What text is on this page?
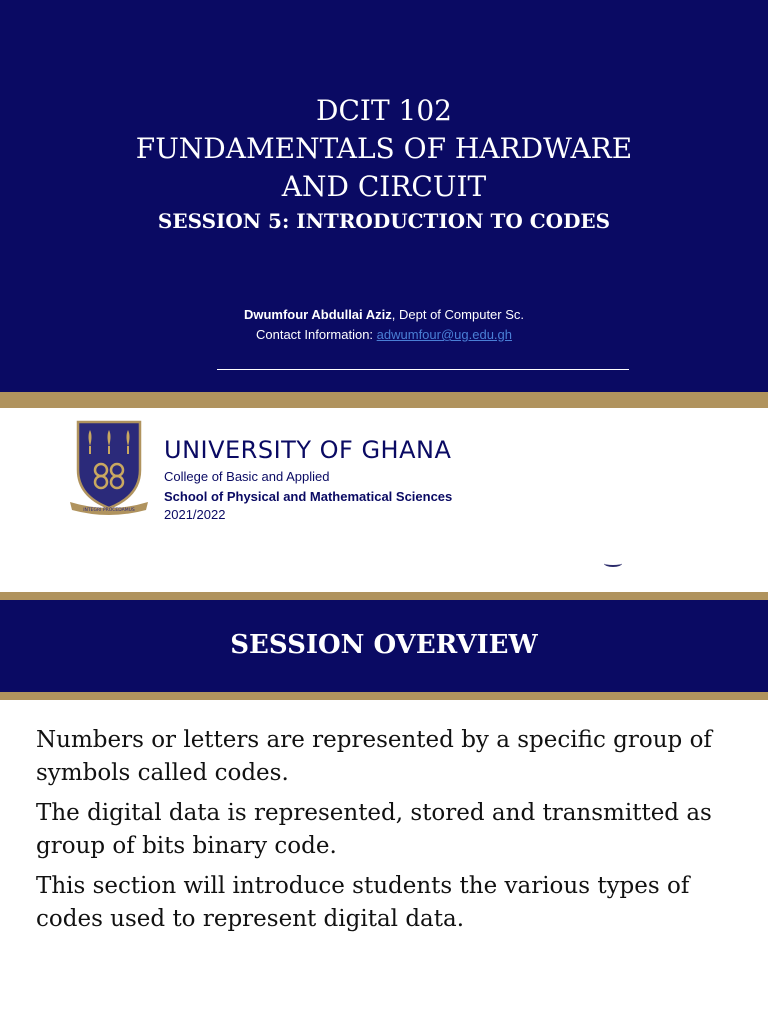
DCIT 102
FUNDAMENTALS OF HARDWARE
AND CIRCUIT
SESSION 5: INTRODUCTION TO CODES
Dwumfour Abdullai Aziz, Dept of Computer Sc.
Contact Information: adwumfour@ug.edu.gh
INTEGRI PROCEDAMUS
UNIVERSITY OF GHANA
College of Basic and Applied
School of Physical and Mathematical Sciences
2021/2022
SESSION OVERVIEW

Numbers or letters are represented by a specific group of symbols called codes.

The digital data is represented, stored and transmitted as group of bits binary code.

This section will introduce students the various types of codes used to represent digital data.
